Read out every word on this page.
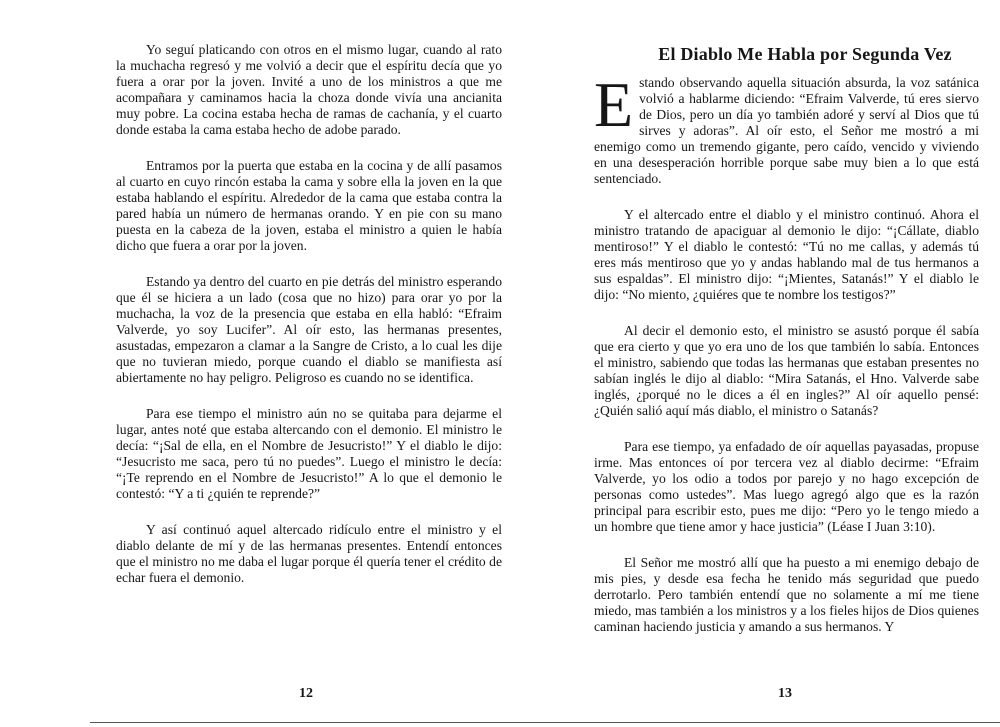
Yo seguí platicando con otros en el mismo lugar, cuando al rato la muchacha regresó y me volvió a decir que el espíritu decía que yo fuera a orar por la joven. Invité a uno de los ministros a que me acompañara y caminamos hacia la choza donde vivía una ancianita muy pobre. La cocina estaba hecha de ramas de cachanía, y el cuarto donde estaba la cama estaba hecho de adobe parado.

Entramos por la puerta que estaba en la cocina y de allí pasamos al cuarto en cuyo rincón estaba la cama y sobre ella la joven en la que estaba hablando el espíritu. Alrededor de la cama que estaba contra la pared había un número de hermanas orando. Y en pie con su mano puesta en la cabeza de la joven, estaba el ministro a quien le había dicho que fuera a orar por la joven.

Estando ya dentro del cuarto en pie detrás del ministro esperando que él se hiciera a un lado (cosa que no hizo) para orar yo por la muchacha, la voz de la presencia que estaba en ella habló: “Efraim Valverde, yo soy Lucifer”. Al oír esto, las hermanas presentes, asustadas, empezaron a clamar a la Sangre de Cristo, a lo cual les dije que no tuvieran miedo, porque cuando el diablo se manifiesta así abiertamente no hay peligro. Peligroso es cuando no se identifica.

Para ese tiempo el ministro aún no se quitaba para dejarme el lugar, antes noté que estaba altercando con el demonio. El ministro le decía: “¡Sal de ella, en el Nombre de Jesucristo!” Y el diablo le dijo: “Jesucristo me saca, pero tú no puedes”. Luego el ministro le decía: “¡Te reprendo en el Nombre de Jesucristo!” A lo que el demonio le contestó: “Y a ti ¿quién te reprende?”

Y así continuó aquel altercado ridículo entre el ministro y el diablo delante de mí y de las hermanas presentes. Entendí entonces que el ministro no me daba el lugar porque él quería tener el crédito de echar fuera el demonio.

12
El Diablo Me Habla por Segunda Vez

Estando observando aquella situación absurda, la voz satánica volvió a hablarme diciendo: “Efraim Valverde, tú eres siervo de Dios, pero un día yo también adoré y serví al Dios que tú sirves y adoras”. Al oír esto, el Señor me mostró a mi enemigo como un tremendo gigante, pero caído, vencido y viviendo en una desesperación horrible porque sabe muy bien a lo que está sentenciado.

Y el altercado entre el diablo y el ministro continuó. Ahora el ministro tratando de apaciguar al demonio le dijo: “¡Cállate, diablo mentiroso!” Y el diablo le contestó: “Tú no me callas, y además tú eres más mentiroso que yo y andas hablando mal de tus hermanos a sus espaldas”. El ministro dijo: “¡Mientes, Satanás!” Y el diablo le dijo: “No miento, ¿quiéres que te nombre los testigos?”

Al decir el demonio esto, el ministro se asustó porque él sabía que era cierto y que yo era uno de los que también lo sabía. Entonces el ministro, sabiendo que todas las hermanas que estaban presentes no sabían inglés le dijo al diablo: “Mira Satanás, el Hno. Valverde sabe inglés, ¿porqué no le dices a él en ingles?” Al oír aquello pensé: ¿Quién salió aquí más diablo, el ministro o Satanás?

Para ese tiempo, ya enfadado de oír aquellas payasadas, propuse irme. Mas entonces oí por tercera vez al diablo decirme: “Efraim Valverde, yo los odio a todos por parejo y no hago excepción de personas como ustedes”. Mas luego agregó algo que es la razón principal para escribir esto, pues me dijo: “Pero yo le tengo miedo a un hombre que tiene amor y hace justicia” (Léase I Juan 3:10).

El Señor me mostró allí que ha puesto a mi enemigo debajo de mis pies, y desde esa fecha he tenido más seguridad que puedo derrotarlo. Pero también entendí que no solamente a mí me tiene miedo, mas también a los ministros y a los fieles hijos de Dios quienes caminan haciendo justicia y amando a sus hermanos. Y

13
